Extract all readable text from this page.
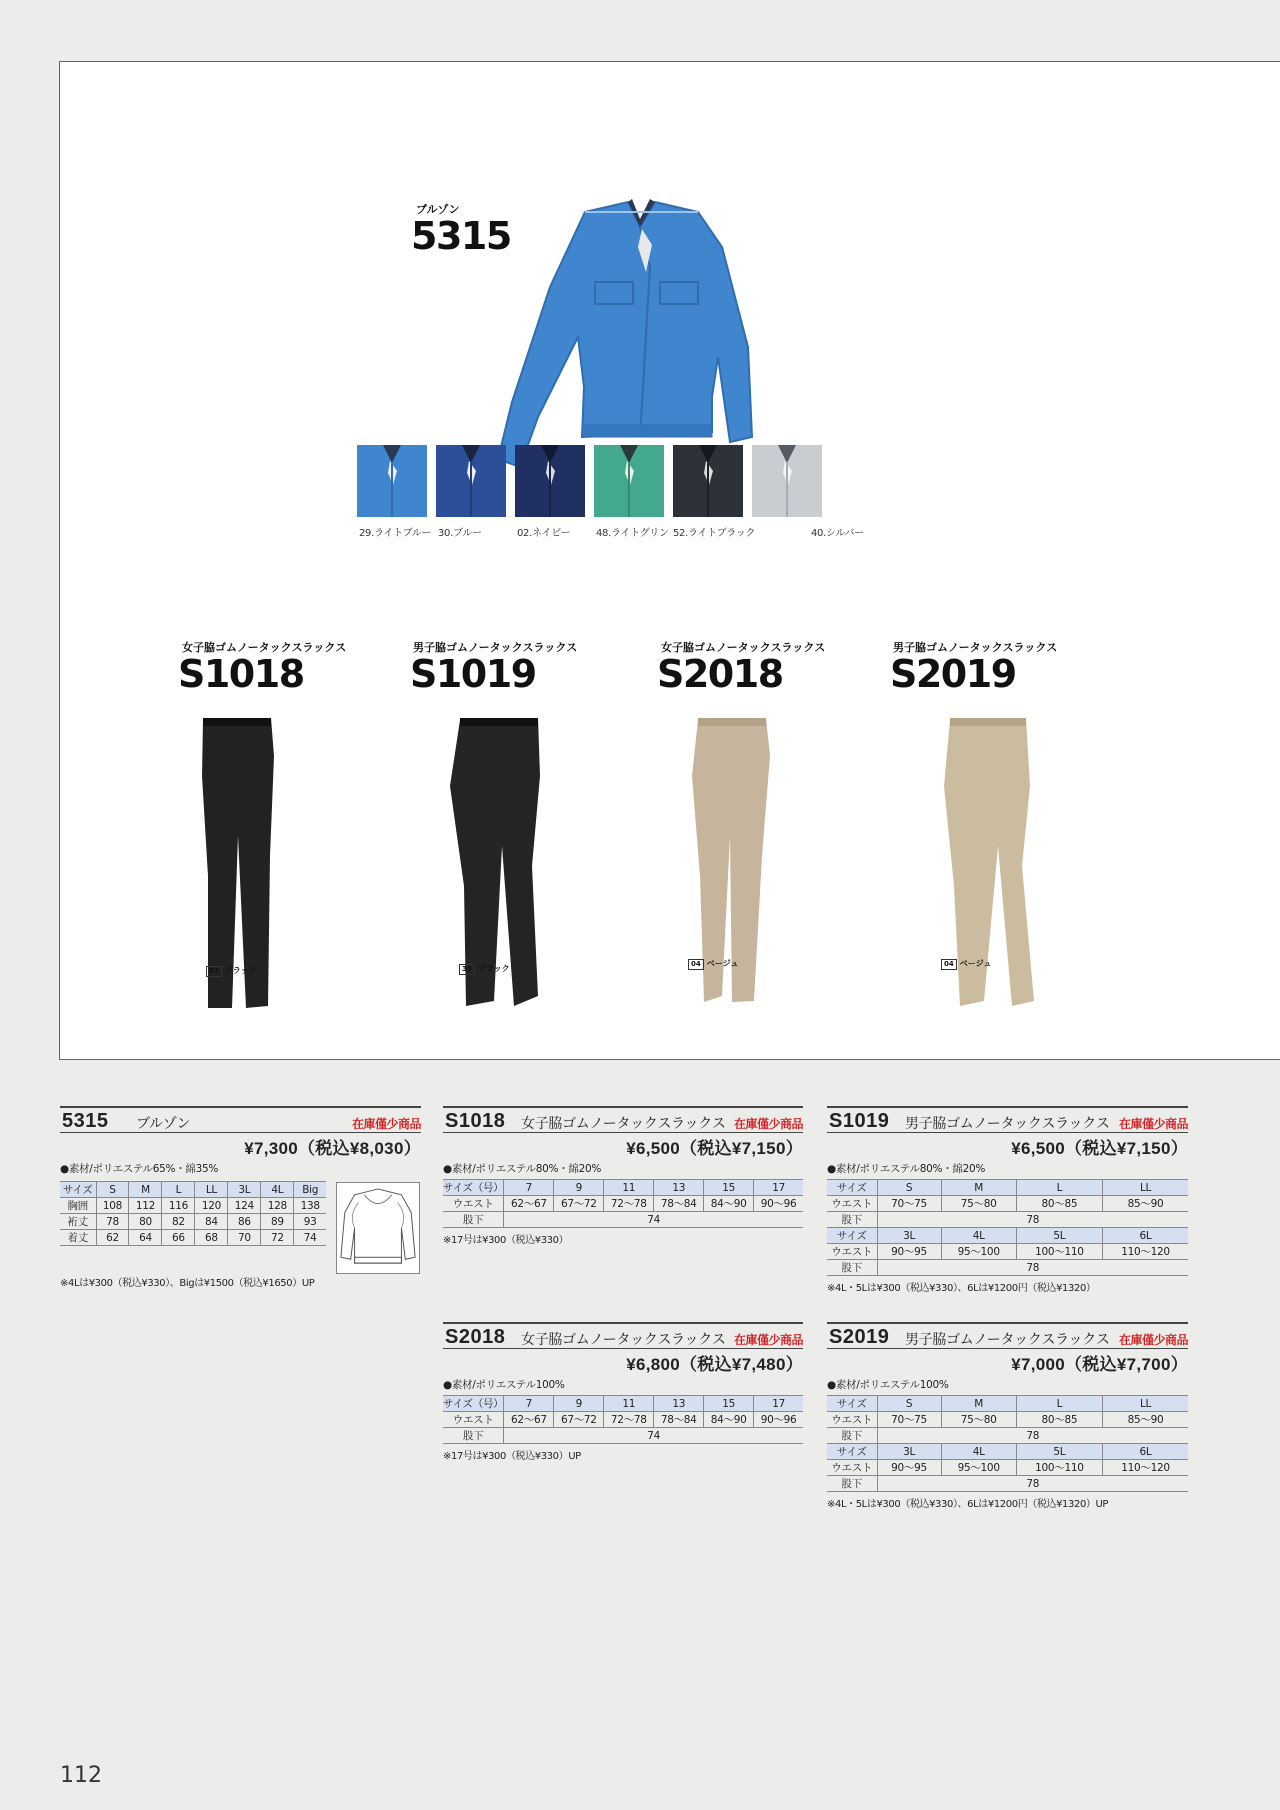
ブルゾン
5315
29.ライトブルー 30.ブルー	02.ネイビー	48.ライトグリン 52.ライトブラック	40.シルバー
女子脇ゴムノータックスラックス
S1018
男子脇ゴムノータックスラックス
S1019
女子脇ゴムノータックスラックス
S2018
男子脇ゴムノータックスラックス
S2019
33 ブラック	33 ブラック	04 ベージュ	04 ベージュ
5315 ブルゾン	在庫僅少商品
¥7,300（税込¥8,030）
●素材/ポリエステル65%・綿35%
サイズ	S	M	L	LL	3L	4L	Big
胸囲	108	112	116	120	124	128	138
裄丈	78	80	82	84	86	89	93
着丈	62	64	66	68	70	72	74
※4Lは¥300（税込¥330）、Bigは¥1500（税込¥1650）UP
S1018 女子脇ゴムノータックスラックス 在庫僅少商品
¥6,500（税込¥7,150）
●素材/ポリエステル80%・綿20%
サイズ（号）	7	9	11	13	15	17
ウエスト	62〜67	67〜72	72〜78	78〜84	84〜90	90〜96
股下	74					
※17号は¥300（税込¥330）
S1019 男子脇ゴムノータックスラックス 在庫僅少商品
¥6,500（税込¥7,150）
●素材/ポリエステル80%・綿20%
サイズ	S	M	L	LL
ウエスト	70〜75	75〜80	80〜85	85〜90
股下	78			
サイズ	3L	4L	5L	6L
ウエスト	90〜95	95〜100	100〜110	110〜120
股下	78			
※4L・5Lは¥300（税込¥330）、6Lは¥1200円（税込¥1320）
S2018 女子脇ゴムノータックスラックス 在庫僅少商品
¥6,800（税込¥7,480）
●素材/ポリエステル100%
サイズ（号）	7	9	11	13	15	17
ウエスト	62〜67	67〜72	72〜78	78〜84	84〜90	90〜96
股下	74					
※17号は¥300（税込¥330）UP
S2019 男子脇ゴムノータックスラックス 在庫僅少商品
¥7,000（税込¥7,700）
●素材/ポリエステル100%
サイズ	S	M	L	LL
ウエスト	70〜75	75〜80	80〜85	85〜90
股下	78			
サイズ	3L	4L	5L	6L
ウエスト	90〜95	95〜100	100〜110	110〜120
股下	78			
※4L・5Lは¥300（税込¥330）、6Lは¥1200円（税込¥1320）UP
112
